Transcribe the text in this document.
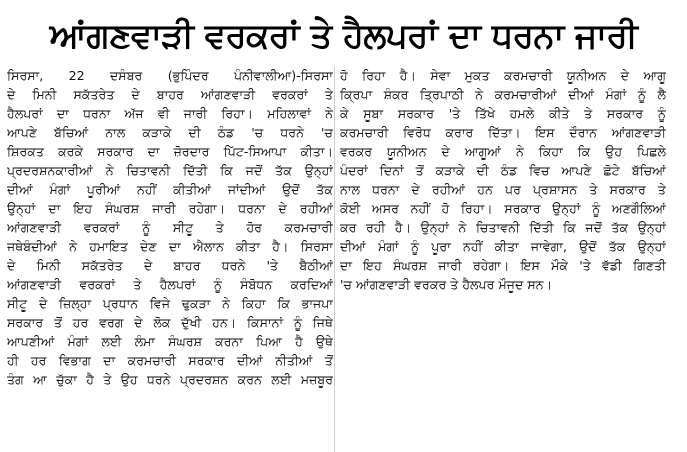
ਆਂਗਣਵਾੜੀ ਵਰਕਰਾਂ ਤੇ ਹੈਲਪਰਾਂ ਦਾ ਧਰਨਾ ਜਾਰੀ
ਸਿਰਸਾ, 22 ਦਸੰਬਰ (ਭੁਪਿੰਦਰ ਪੰਨੀਵਾਲੀਆ)-ਸਿਰਸਾ
ਦੇ ਮਿਨੀ ਸਕੱਤਰੇਤ ਦੇ ਬਾਹਰ ਆਂਗਣਵਾੜੀ ਵਰਕਰਾਂ ਤੇ
ਹੈਲਪਰਾਂ ਦਾ ਧਰਨਾ ਅੱਜ ਵੀ ਜਾਰੀ ਰਿਹਾ। ਮਹਿਲਾਵਾਂ ਨੇ
ਆਪਣੇ ਬੱਚਿਆਂ ਨਾਲ ਕੜਾਕੇ ਦੀ ਠੰਡ 'ਚ ਧਰਨੇ 'ਚ
ਸ਼ਿਰਕਤ ਕਰਕੇ ਸਰਕਾਰ ਦਾ ਜ਼ੋਰਦਾਰ ਪਿੱਟ-ਸਿਆਪਾ ਕੀਤਾ।
ਪ੍ਰਦਰਸ਼ਨਕਾਰੀਆਂ ਨੇ ਚਿਤਾਵਨੀ ਦਿੱਤੀ ਕਿ ਜਦੋਂ ਤੱਕ ਉਨ੍ਹਾਂ
ਦੀਆਂ ਮੰਗਾਂ ਪੂਰੀਆਂ ਨਹੀਂ ਕੀਤੀਆਂ ਜਾਂਦੀਆਂ ਉਦੋਂ ਤੱਕ
ਉਨ੍ਹਾਂ ਦਾ ਇਹ ਸੰਘਰਸ਼ ਜਾਰੀ ਰਹੇਗਾ। ਧਰਨਾ ਦੇ ਰਹੀਆਂ
ਆਂਗਣਵਾੜੀ ਵਰਕਰਾਂ ਨੂੰ ਸੀਟੂ ਤੇ ਹੋਰ ਕਰਮਚਾਰੀ
ਜਥੇਬੰਦੀਆਂ ਨੇ ਹਮਾਇਤ ਦੇਣ ਦਾ ਐਲਾਨ ਕੀਤਾ ਹੈ। ਸਿਰਸਾ
ਦੇ ਮਿਨੀ ਸਕੱਤਰੇਤ ਦੇ ਬਾਹਰ ਧਰਨੇ 'ਤੇ ਬੈਠੀਆਂ
ਆਂਗਣਵਾੜੀ ਵਰਕਰਾਂ ਤੇ ਹੈਲਪਰਾਂ ਨੂੰ ਸੰਬੋਧਨ ਕਰਦਿਆਂ
ਸੀਟੂ ਦੇ ਜ਼ਿਲ੍ਹਾ ਪ੍ਰਧਾਨ ਵਿਜੇ ਢੁਕੜਾ ਨੇ ਕਿਹਾ ਕਿ ਭਾਜਪਾ
ਸਰਕਾਰ ਤੋਂ ਹਰ ਵਰਗ ਦੇ ਲੋਕ ਦੁੱਖੀ ਹਨ। ਕਿਸਾਨਾਂ ਨੂੰ ਜਿਥੇ
ਆਪਣੀਆਂ ਮੰਗਾਂ ਲਈ ਲੰਮਾ ਸੰਘਰਸ਼ ਕਰਨਾ ਪਿਆ ਹੈ ਉਥੇ
ਹੀ ਹਰ ਵਿਭਾਗ ਦਾ ਕਰਮਚਾਰੀ ਸਰਕਾਰ ਦੀਆਂ ਨੀਤੀਆਂ ਤੋਂ
ਤੰਗ ਆ ਚੁੱਕਾ ਹੈ ਤੇ ਉਹ ਧਰਨੇ ਪ੍ਰਦਰਸ਼ਨ ਕਰਨ ਲਈ ਮਜ਼ਬੂਰ
ਹੋ ਰਿਹਾ ਹੈ। ਸੇਵਾ ਮੁਕਤ ਕਰਮਚਾਰੀ ਯੂਨੀਅਨ ਦੇ ਆਗੂ
ਕ੍ਰਿਪਾ ਸ਼ੰਕਰ ਤ੍ਰਿਪਾਠੀ ਨੇ ਕਰਮਚਾਰੀਆਂ ਦੀਆਂ ਮੰਗਾਂ ਨੂੰ ਲੈ
ਕੇ ਸੂਬਾ ਸਰਕਾਰ 'ਤੇ ਤਿੱਖੇ ਹਮਲੇ ਕੀਤੇ ਤੇ ਸਰਕਾਰ ਨੂੰ
ਕਰਮਚਾਰੀ ਵਿਰੋਧ ਕਰਾਰ ਦਿੱਤਾ। ਇਸ ਦੌਰਾਨ ਆਂਗਣਵਾੜੀ
ਵਰਕਰ ਯੂਨੀਅਨ ਦੇ ਆਗੂਆਂ ਨੇ ਕਿਹਾ ਕਿ ਉਹ ਪਿਛਲੇ
ਪੰਦਰਾਂ ਦਿਨਾਂ ਤੋਂ ਕੜਾਕੇ ਦੀ ਠੰਡ ਵਿਚ ਆਪਣੇ ਛੋਟੇ ਬੱਚਿਆਂ
ਨਾਲ ਧਰਨਾ ਦੇ ਰਹੀਆਂ ਹਨ ਪਰ ਪ੍ਰਸ਼ਾਸਨ ਤੇ ਸਰਕਾਰ ਤੇ
ਕੋਈ ਅਸਰ ਨਹੀਂ ਹੋ ਰਿਹਾ। ਸਰਕਾਰ ਉਨ੍ਹਾਂ ਨੂੰ ਅਣਗੌਲਿਆਂ
ਕਰ ਰਹੀ ਹੈ। ਉਨ੍ਹਾਂ ਨੇ ਚਿਤਾਵਨੀ ਦਿੱਤੀ ਕਿ ਜਦੋਂ ਤੱਕ ਉਨ੍ਹਾਂ
ਦੀਆਂ ਮੰਗਾਂ ਨੂੰ ਪੂਰਾ ਨਹੀਂ ਕੀਤਾ ਜਾਵੇਗਾ, ਉਦੋਂ ਤੱਕ ਉਨ੍ਹਾਂ
ਦਾ ਇਹ ਸੰਘਰਸ਼ ਜਾਰੀ ਰਹੇਗਾ। ਇਸ ਮੌਕੇ 'ਤੇ ਵੱਡੀ ਗਿਣਤੀ
'ਚ ਆਂਗਣਵਾੜੀ ਵਰਕਰ ਤੇ ਹੈਲਪਰ ਮੌਜੂਦ ਸਨ।
